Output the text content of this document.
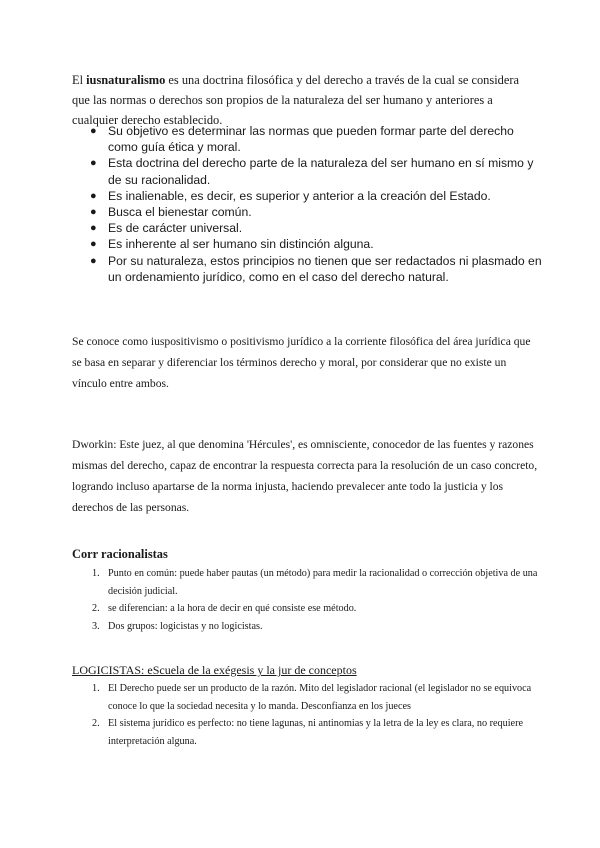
El iusnaturalismo es una doctrina filosófica y del derecho a través de la cual se considera que las normas o derechos son propios de la naturaleza del ser humano y anteriores a cualquier derecho establecido.

● Su objetivo es determinar las normas que pueden formar parte del derecho como guía ética y moral.
● Esta doctrina del derecho parte de la naturaleza del ser humano en sí mismo y de su racionalidad.
● Es inalienable, es decir, es superior y anterior a la creación del Estado.
● Busca el bienestar común.
● Es de carácter universal.
● Es inherente al ser humano sin distinción alguna.
● Por su naturaleza, estos principios no tienen que ser redactados ni plasmado en un ordenamiento jurídico, como en el caso del derecho natural.

Se conoce como iuspositivismo o positivismo jurídico a la corriente filosófica del área jurídica que se basa en separar y diferenciar los términos derecho y moral, por considerar que no existe un vínculo entre ambos.

Dworkin: Este juez, al que denomina 'Hércules', es omnisciente, conocedor de las fuentes y razones mismas del derecho, capaz de encontrar la respuesta correcta para la resolución de un caso concreto, logrando incluso apartarse de la norma injusta, haciendo prevalecer ante todo la justicia y los derechos de las personas.

Corr racionalistas
1. Punto en común: puede haber pautas (un método) para medir la racionalidad o corrección objetiva de una decisión judicial.
2. se diferencian: a la hora de decir en qué consiste ese método.
3. Dos grupos: logicistas y no logicistas.
LOGICISTAS: eScuela de la exégesis y la jur de conceptos
1. El Derecho puede ser un producto de la razón. Mito del legislador racional (el legislador no se equivoca conoce lo que la sociedad necesita y lo manda. Desconfianza en los jueces
2. El sistema jurídico es perfecto: no tiene lagunas, ni antinomias y la letra de la ley es clara, no requiere interpretación alguna.
